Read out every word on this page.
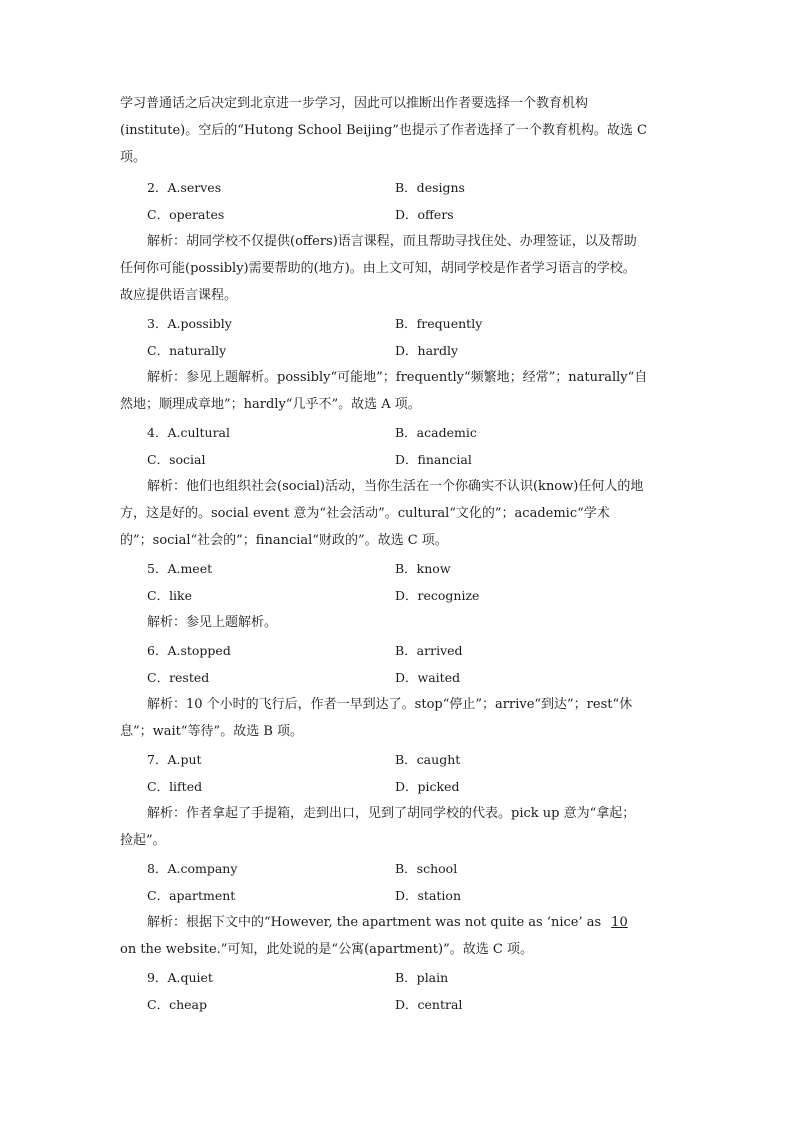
学习普通话之后决定到北京进一步学习，因此可以推断出作者要选择一个教育机构
(institute)。空后的“Hutong School Beijing”也提示了作者选择了一个教育机构。故选 C
项。
2．A.serves	B．designs
C．operates	D．offers
解析：胡同学校不仅提供(offers)语言课程，而且帮助寻找住处、办理签证，以及帮助
任何你可能(possibly)需要帮助的(地方)。由上文可知，胡同学校是作者学习语言的学校。
故应提供语言课程。
3．A.possibly	B．frequently
C．naturally	D．hardly
解析：参见上题解析。possibly“可能地”；frequently“频繁地；经常”；naturally“自
然地；顺理成章地”；hardly“几乎不”。故选 A 项。
4．A.cultural	B．academic
C．social	D．financial
解析：他们也组织社会(social)活动，当你生活在一个你确实不认识(know)任何人的地
方，这是好的。social event 意为“社会活动”。cultural“文化的”；academic“学术
的”；social“社会的”；financial“财政的”。故选 C 项。
5．A.meet	B．know
C．like	D．recognize
解析：参见上题解析。
6．A.stopped	B．arrived
C．rested	D．waited
解析：10 个小时的飞行后，作者一早到达了。stop“停止”；arrive“到达”；rest“休
息”；wait“等待”。故选 B 项。
7．A.put	B．caught
C．lifted	D．picked
解析：作者拿起了手提箱，走到出口，见到了胡同学校的代表。pick up 意为“拿起；
捡起”。
8．A.company	B．school
C．apartment	D．station
解析：根据下文中的“However, the apartment was not quite as ‘nice’ as 10
on the website.”可知，此处说的是“公寓(apartment)”。故选 C 项。
9．A.quiet	B．plain
C．cheap	D．central
